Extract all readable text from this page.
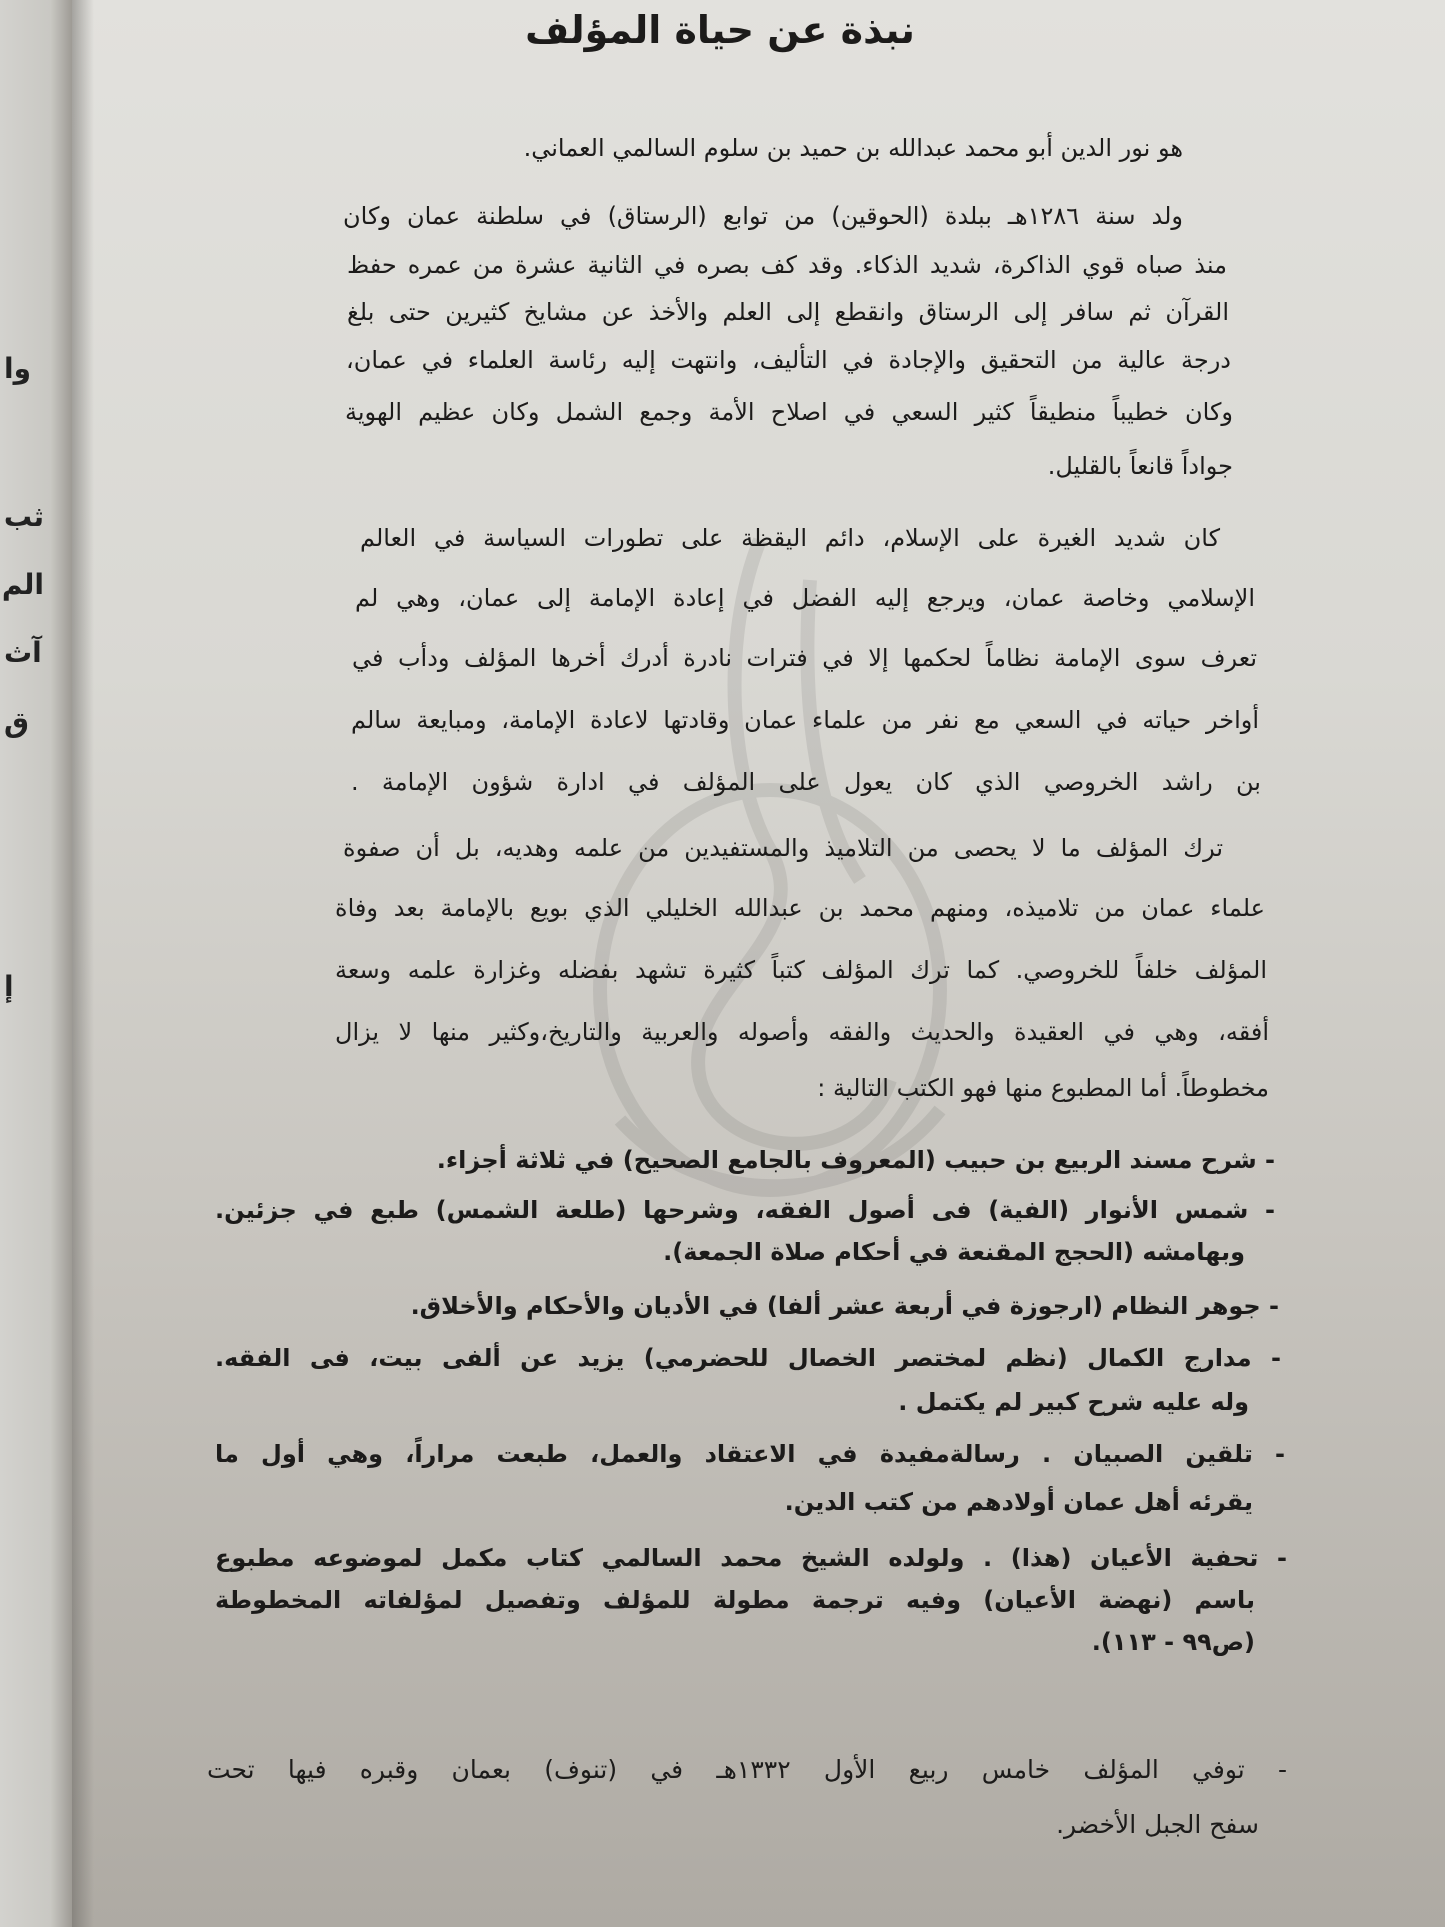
وا
ثب
الم
آث
ق
إ
نبذة عن حياة المؤلف
هو نور الدين أبو محمد عبدالله بن حميد بن سلوم السالمي العماني.
ولد سنة ١٢٨٦هـ ببلدة (الحوقين) من توابع (الرستاق) في سلطنة عمان وكان
منذ صباه قوي الذاكرة، شديد الذكاء. وقد كف بصره في الثانية عشرة من عمره حفظ
القرآن ثم سافر إلى الرستاق وانقطع إلى العلم والأخذ عن مشايخ كثيرين حتى بلغ
درجة عالية من التحقيق والإجادة في التأليف، وانتهت إليه رئاسة العلماء في عمان،
وكان خطيباً منطيقاً كثير السعي في اصلاح الأمة وجمع الشمل وكان عظيم الهوية
جواداً قانعاً بالقليل.
كان شديد الغيرة على الإسلام، دائم اليقظة على تطورات السياسة في العالم
الإسلامي وخاصة عمان، ويرجع إليه الفضل في إعادة الإمامة إلى عمان، وهي لم
تعرف سوى الإمامة نظاماً لحكمها إلا في فترات نادرة أدرك أخرها المؤلف ودأب في
أواخر حياته في السعي مع نفر من علماء عمان وقادتها لاعادة الإمامة، ومبايعة سالم
بن راشد الخروصي الذي كان يعول على المؤلف في ادارة شؤون الإمامة .
ترك المؤلف ما لا يحصى من التلاميذ والمستفيدين من علمه وهديه، بل أن صفوة
علماء عمان من تلاميذه، ومنهم محمد بن عبدالله الخليلي الذي بويع بالإمامة بعد وفاة
المؤلف خلفاً للخروصي. كما ترك المؤلف كتباً كثيرة تشهد بفضله وغزارة علمه وسعة
أفقه، وهي في العقيدة والحديث والفقه وأصوله والعربية والتاريخ،وكثير منها لا يزال
مخطوطاً. أما المطبوع منها فهو الكتب التالية :
- شرح مسند الربيع بن حبيب (المعروف بالجامع الصحيح) في ثلاثة أجزاء.
- شمس الأنوار (الفية) فى أصول الفقه، وشرحها (طلعة الشمس) طبع في جزئين.
وبهامشه (الحجج المقنعة في أحكام صلاة الجمعة).
- جوهر النظام (ارجوزة في أربعة عشر ألفا) في الأديان والأحكام والأخلاق.
- مدارج الكمال (نظم لمختصر الخصال للحضرمي) يزيد عن ألفى بيت، فى الفقه.
وله عليه شرح كبير لم يكتمل .
- تلقين الصبيان . رسالةمفيدة في الاعتقاد والعمل، طبعت مراراً، وهي أول ما
يقرئه أهل عمان أولادهم من كتب الدين.
- تحفية الأعيان (هذا) . ولولده الشيخ محمد السالمي كتاب مكمل لموضوعه مطبوع
باسم (نهضة الأعيان) وفيه ترجمة مطولة للمؤلف وتفصيل لمؤلفاته المخطوطة
(ص٩٩ - ١١٣).
- توفي المؤلف خامس ربيع الأول ١٣٣٢هـ في (تنوف) بعمان وقبره فيها تحت
سفح الجبل الأخضر.
